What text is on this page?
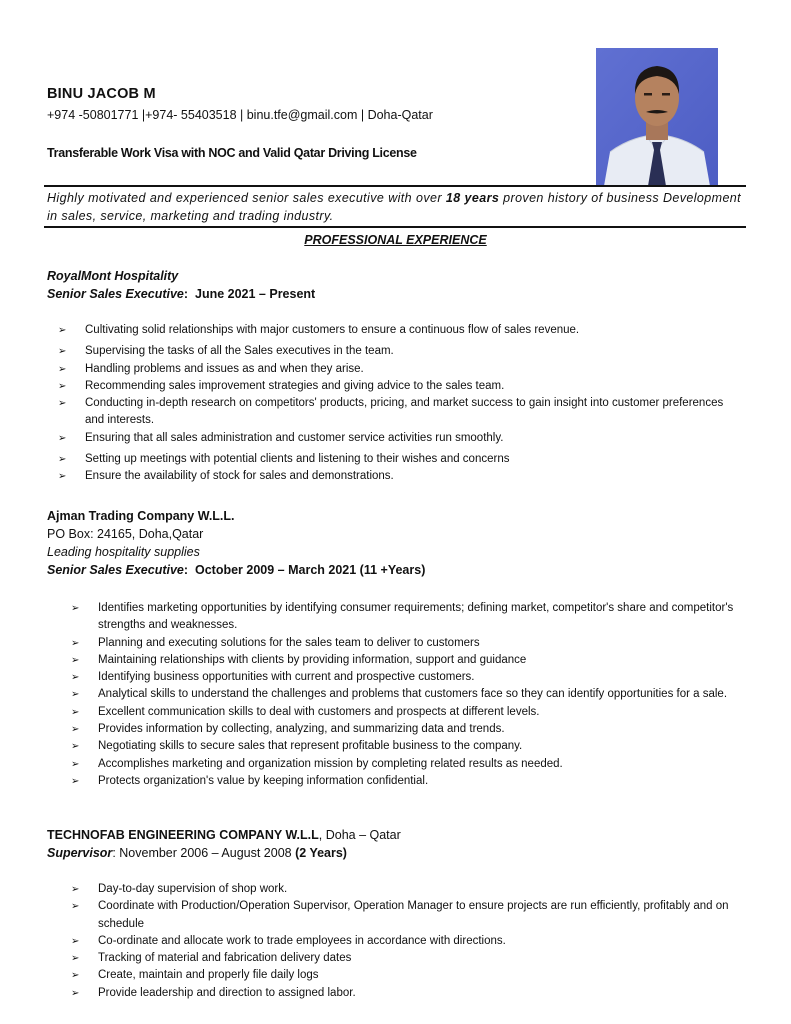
BINU JACOB M
+974 -50801771 |+974- 55403518 | binu.tfe@gmail.com | Doha-Qatar
Transferable Work Visa with NOC and Valid Qatar Driving License
Highly motivated and experienced senior sales executive with over 18 years proven history of business Development in sales, service, marketing and trading industry.
PROFESSIONAL EXPERIENCE
RoyalMont Hospitality
Senior Sales Executive:  June 2021 – Present
➢ Cultivating solid relationships with major customers to ensure a continuous flow of sales revenue.
➢ Supervising the tasks of all the Sales executives in the team.
➢ Handling problems and issues as and when they arise.
➢ Recommending sales improvement strategies and giving advice to the sales team.
➢ Conducting in-depth research on competitors' products, pricing, and market success to gain insight into customer preferences and interests.
➢ Ensuring that all sales administration and customer service activities run smoothly.
➢ Setting up meetings with potential clients and listening to their wishes and concerns
➢ Ensure the availability of stock for sales and demonstrations.
Ajman Trading Company W.L.L.
PO Box: 24165, Doha,Qatar
Leading hospitality supplies
Senior Sales Executive:  October 2009 – March 2021 (11 +Years)
➢ Identifies marketing opportunities by identifying consumer requirements; defining market, competitor's share and competitor's strengths and weaknesses.
➢ Planning and executing solutions for the sales team to deliver to customers
➢ Maintaining relationships with clients by providing information, support and guidance
➢ Identifying business opportunities with current and prospective customers.
➢ Analytical skills to understand the challenges and problems that customers face so they can identify opportunities for a sale.
➢ Excellent communication skills to deal with customers and prospects at different levels.
➢ Provides information by collecting, analyzing, and summarizing data and trends.
➢ Negotiating skills to secure sales that represent profitable business to the company.
➢ Accomplishes marketing and organization mission by completing related results as needed.
➢ Protects organization's value by keeping information confidential.
TECHNOFAB ENGINEERING COMPANY W.L.L, Doha – Qatar
Supervisor: November 2006 – August 2008 (2 Years)
➢ Day-to-day supervision of shop work.
➢ Coordinate with Production/Operation Supervisor, Operation Manager to ensure projects are run efficiently, profitably and on schedule
➢ Co-ordinate and allocate work to trade employees in accordance with directions.
➢ Tracking of material and fabrication delivery dates
➢ Create, maintain and properly file daily logs
➢ Provide leadership and direction to assigned labor.
